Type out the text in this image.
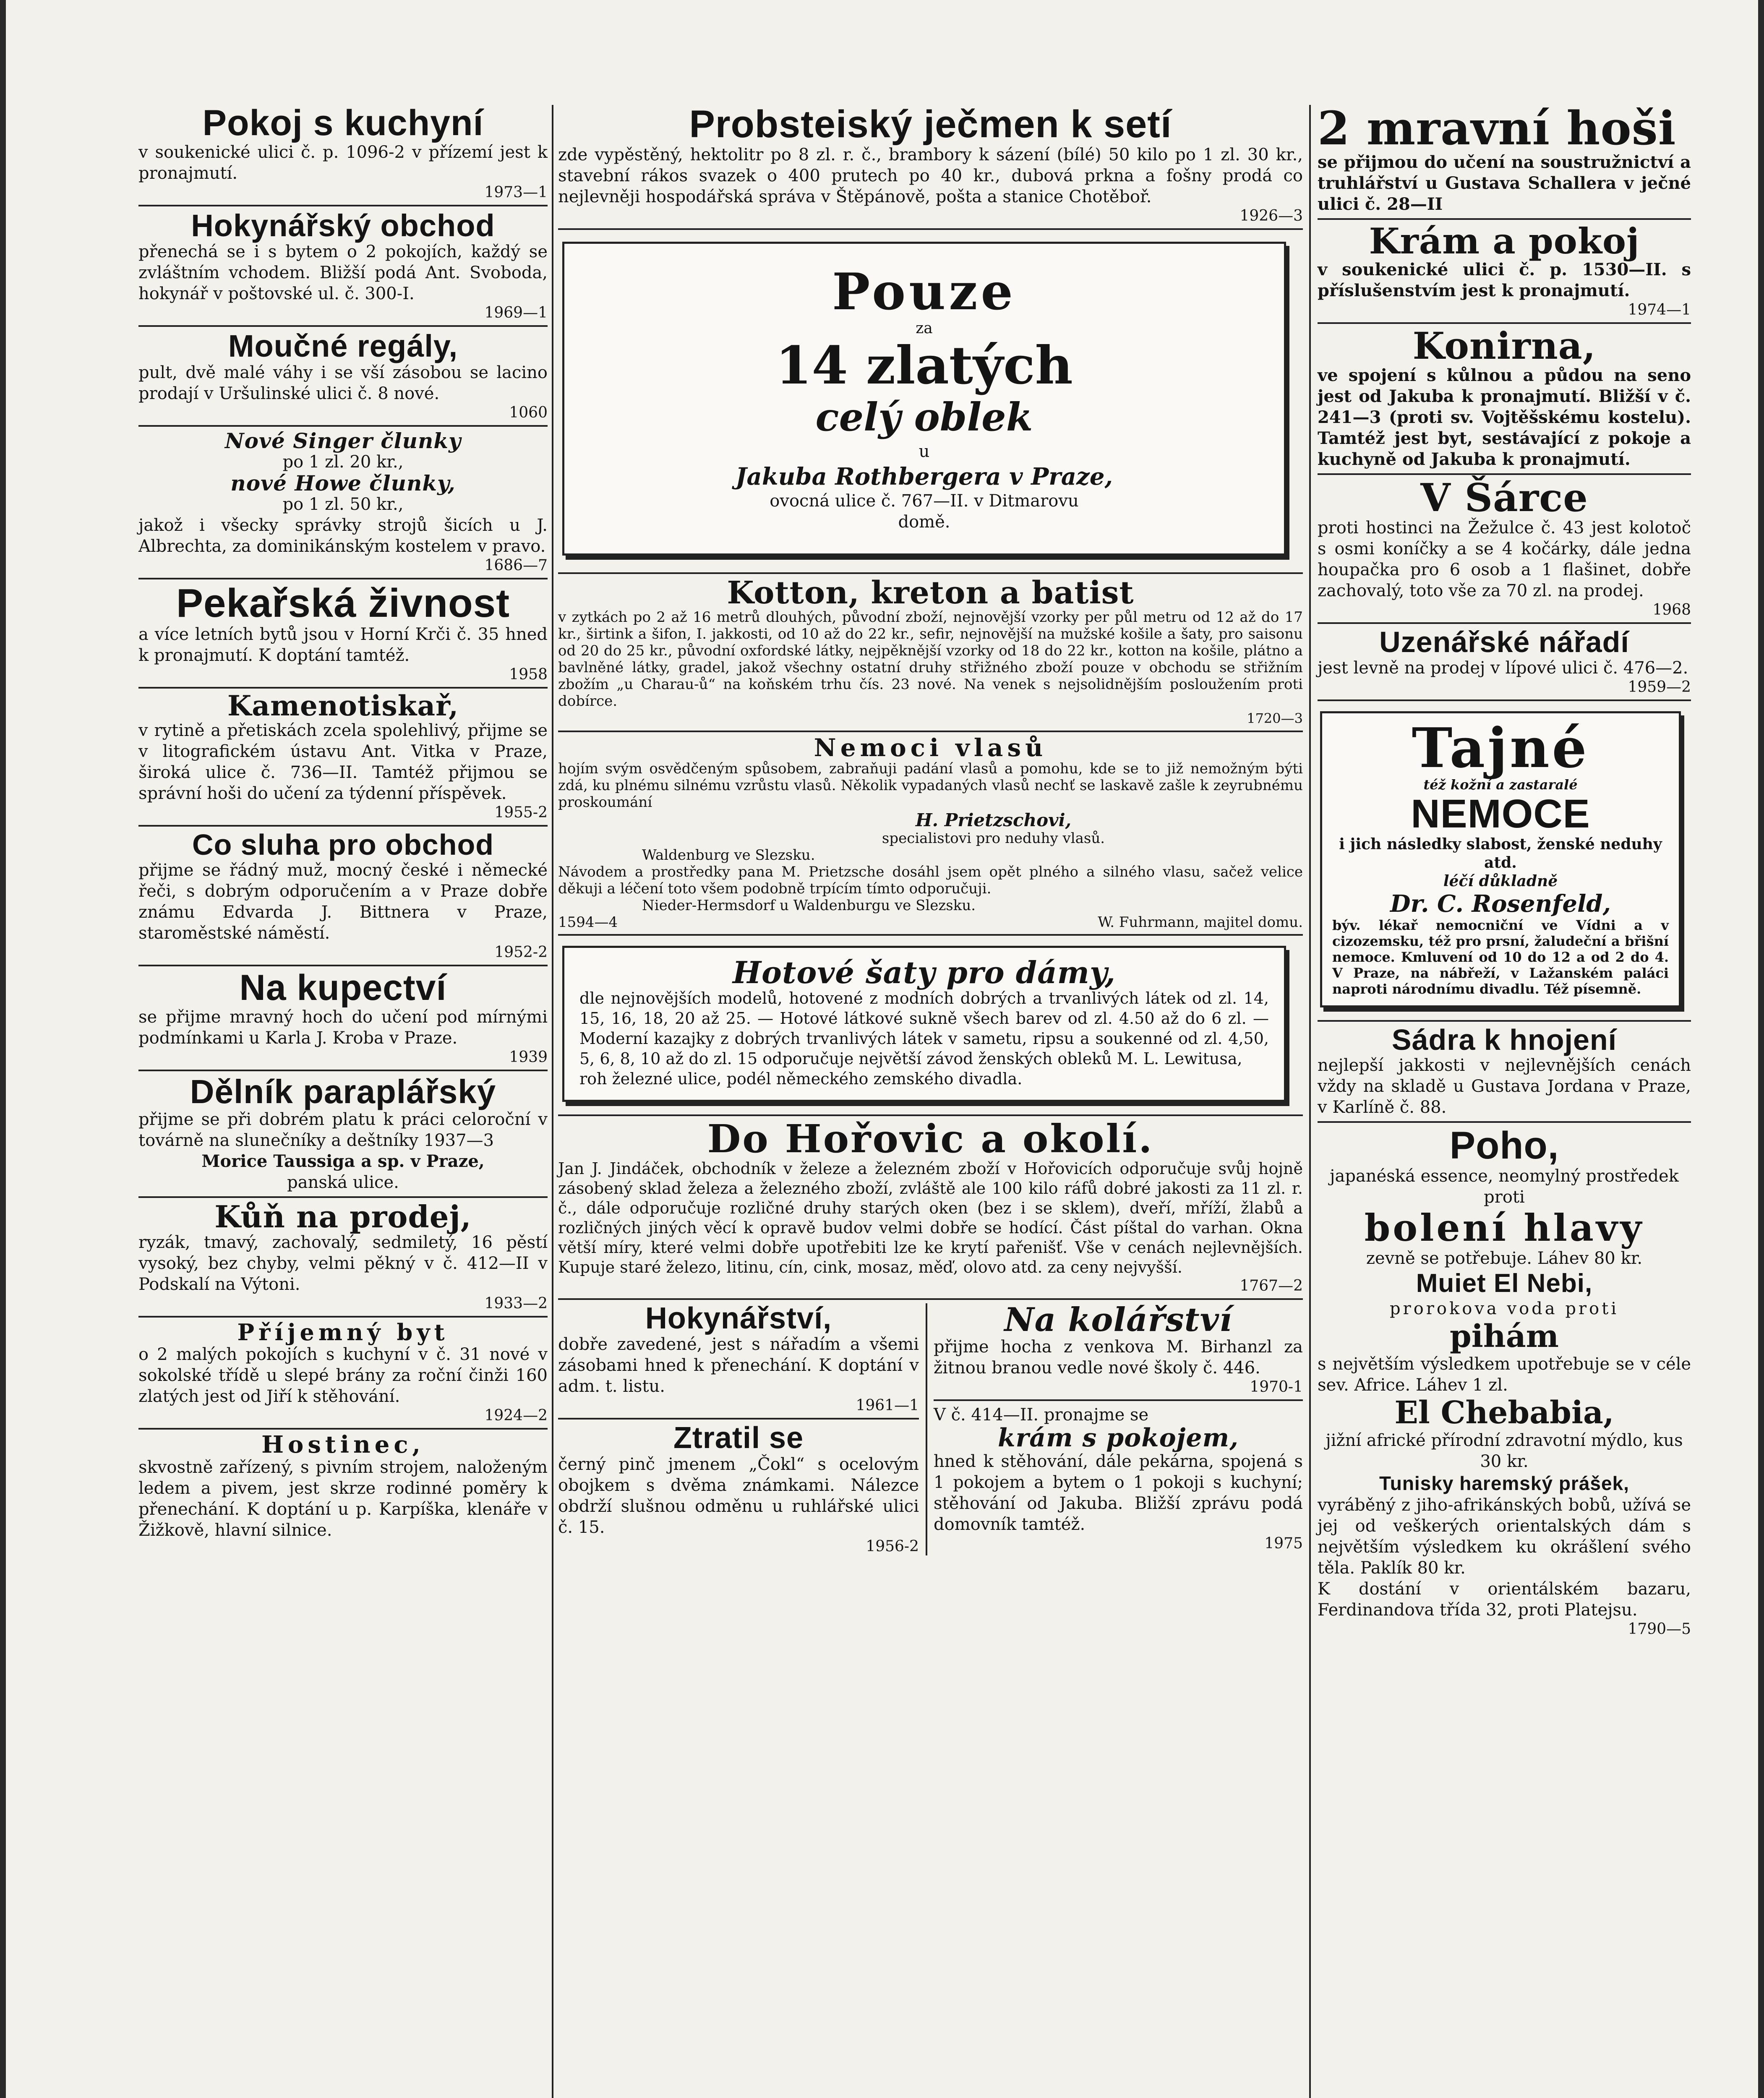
Pokoj s kuchyní

v soukenické ulici č. p. 1096-2 v přízemí jest k pronajmutí.

1973—1

Hokynářský obchod

přenechá se i s bytem o 2 pokojích, každý se zvláštním vchodem. Bližší podá Ant. Svoboda, hokynář v poštovské ul. č. 300-I.

1969—1

Moučné regály,

pult, dvě malé váhy i se vší zásobou se lacino prodají v Uršulinské ulici č. 8 nové.

1060

Nové Singer člunky

po 1 zl. 20 kr.,

nové Howe člunky,

po 1 zl. 50 kr.,

jakož i všecky správky strojů šicích u J. Albrechta, za dominikánským kostelem v pravo.

1686—7

Pekařská živnost

a více letních bytů jsou v Horní Krči č. 35 hned k pronajmutí. K doptání tamtéž.

1958

Kamenotiskař,

v rytině a přetiskách zcela spolehlivý, přijme se v litografickém ústavu Ant. Vitka v Praze, široká ulice č. 736—II. Tamtéž přijmou se správní hoši do učení za týdenní příspěvek.

1955-2

Co sluha pro obchod

přijme se řádný muž, mocný české i německé řeči, s dobrým odporučením a v Praze dobře známu Edvarda J. Bittnera v Praze, staroměstské náměstí.

1952-2

Na kupectví

se přijme mravný hoch do učení pod mírnými podmínkami u Karla J. Kroba v Praze.

1939

Dělník paraplářský

přijme se při dobrém platu k práci celoroční v továrně na slunečníky a deštníky 1937—3

Morice Taussiga a sp. v Praze,

panská ulice.

Kůň na prodej,

ryzák, tmavý, zachovalý, sedmiletý, 16 pěstí vysoký, bez chyby, velmi pěkný v č. 412—II v Podskalí na Výtoni.

1933—2

Příjemný byt

o 2 malých pokojích s kuchyní v č. 31 nové v sokolské třídě u slepé brány za roční činži 160 zlatých jest od Jiří k stěhování.

1924—2

Hostinec,

skvostně zařízený, s pivním strojem, naloženým ledem a pivem, jest skrze rodinné poměry k přenechání. K doptání u p. Karpíška, klenáře v Žižkově, hlavní silnice.

Probsteiský ječmen k setí

zde vypěstěný, hektolitr po 8 zl. r. č., brambory k sázení (bílé) 50 kilo po 1 zl. 30 kr., stavební rákos svazek o 400 prutech po 40 kr., dubová prkna a fošny prodá co nejlevněji hospodářská správa v Štěpánově, pošta a stanice Chotěboř.

1926—3

Pouze
za
14 zlatých
celý oblek
u
Jakuba Rothbergera v Praze,
ovocná ulice č. 767—II. v Ditmarovu domě.
Kotton, kreton a batist

v zytkách po 2 až 16 metrů dlouhých, původní zboží, nejnovější vzorky per půl metru od 12 až do 17 kr., širtink a šifon, I. jakkosti, od 10 až do 22 kr., sefir, nejnovější na mužské košile a šaty, pro saisonu od 20 do 25 kr., původní oxfordské látky, nejpěknější vzorky od 18 do 22 kr., kotton na košile, plátno a bavlněné látky, gradel, jakož všechny ostatní druhy střižného zboží pouze v obchodu se střižním zbožím „u Charau-ů“ na koňském trhu čís. 23 nové. Na venek s nejsolidnějším posloužením proti dobírce.

1720—3

Nemoci vlasů

hojím svým osvědčeným spůsobem, zabraňuji padání vlasů a pomohu, kde se to již nemožným býti zdá, ku plnému silnému vzrůstu vlasů. Několik vypadaných vlasů nechť se laskavě zašle k zeyrubnému proskoumání

H. Prietzschovi,

specialistovi pro neduhy vlasů.

Waldenburg ve Slezsku.

Návodem a prostředky pana M. Prietzsche dosáhl jsem opět plného a silného vlasu, sačež velice děkuji a léčení toto všem podobně trpícím tímto odporučuji.

Nieder-Hermsdorf u Waldenburgu ve Slezsku.

1594—4	W. Fuhrmann, majitel domu.
Hotové šaty pro dámy,

dle nejnovějších modelů, hotovené z modních dobrých a trvanlivých látek od zl. 14, 15, 16, 18, 20 až 25. — Hotové látkové sukně všech barev od zl. 4.50 až do 6 zl. — Moderní kazajky z dobrých trvanlivých látek v sametu, ripsu a soukenné od zl. 4,50, 5, 6, 8, 10 až do zl. 15 odporučuje největší závod ženských obleků M. L. Lewitusa,

roh železné ulice, podél německého zemského divadla.

Do Hořovic a okolí.

Jan J. Jindáček, obchodník v železe a železném zboží v Hořovicích odporučuje svůj hojně zásobený sklad železa a železného zboží, zvláště ale 100 kilo ráfů dobré jakosti za 11 zl. r. č., dále odporučuje rozličné druhy starých oken (bez i se sklem), dveří, mříží, žlabů a rozličných jiných věcí k opravě budov velmi dobře se hodící. Část píštal do varhan. Okna větší míry, které velmi dobře upotřebiti lze ke krytí pařenišť. Vše v cenách nejlevnějších. Kupuje staré železo, litinu, cín, cink, mosaz, měď, olovo atd. za ceny nejvyšší.

1767—2

Hokynářství,

dobře zavedené, jest s nářadím a všemi zásobami hned k přenechání. K doptání v adm. t. listu.

1961—1

Ztratil se

černý pinč jmenem „Čokl“ s ocelovým obojkem s dvěma známkami. Nálezce obdrží slušnou odměnu u ruhlářské ulici č. 15.

1956-2

Na kolářství

přijme hocha z venkova M. Birhanzl za žitnou branou vedle nové školy č. 446.

1970-1

V č. 414—II. pronajme se

krám s pokojem,

hned k stěhování, dále pekárna, spojená s 1 pokojem a bytem o 1 pokoji s kuchyní; stěhování od Jakuba. Bližší zprávu podá domovník tamtéž.

1975

2 mravní hoši

se přijmou do učení na soustružnictví a truhlářství u Gustava Schallera v ječné ulici č. 28—II

Krám a pokoj

v soukenické ulici č. p. 1530—II. s příslušenstvím jest k pronajmutí.

1974—1

Konirna,

ve spojení s kůlnou a půdou na seno jest od Jakuba k pronajmutí. Bližší v č. 241—3 (proti sv. Vojtěšskému kostelu). Tamtéž jest byt, sestávající z pokoje a kuchyně od Jakuba k pronajmutí.

V Šárce

proti hostinci na Žežulce č. 43 jest kolotoč s osmi koníčky a se 4 kočárky, dále jedna houpačka pro 6 osob a 1 flašinet, dobře zachovalý, toto vše za 70 zl. na prodej.

1968

Uzenářské nářadí

jest levně na prodej v lípové ulici č. 476—2.

1959—2

Tajné
též kožní a zastaralé
NEMOCE
i jich následky slabost, ženské neduhy atd.
léčí důkladně
Dr. C. Rosenfeld,

býv. lékař nemocniční ve Vídni a v cizozemsku, též pro prsní, žaludeční a břišní nemoce. Kmluvení od 10 do 12 a od 2 do 4. V Praze, na nábřeží, v Lažanském paláci naproti národnímu divadlu. Též písemně.

Sádra k hnojení

nejlepší jakkosti v nejlevnějších cenách vždy na skladě u Gustava Jordana v Praze, v Karlíně č. 88.

Poho,

japanéská essence, neomylný prostředek proti

bolení hlavy

zevně se potřebuje. Láhev 80 kr.

Muiet El Nebi,

prorokova voda proti

pihám

s největším výsledkem upotřebuje se v céle sev. Africe. Láhev 1 zl.

El Chebabia,

jižní africké přírodní zdravotní mýdlo, kus 30 kr.

Tunisky haremský prášek,

vyráběný z jiho-afrikánských bobů, užívá se jej od veškerých orientalských dám s největším výsledkem ku okrášlení svého těla. Paklík 80 kr.

K dostání v orientálském bazaru, Ferdinandova třída 32, proti Platejsu.

1790—5
